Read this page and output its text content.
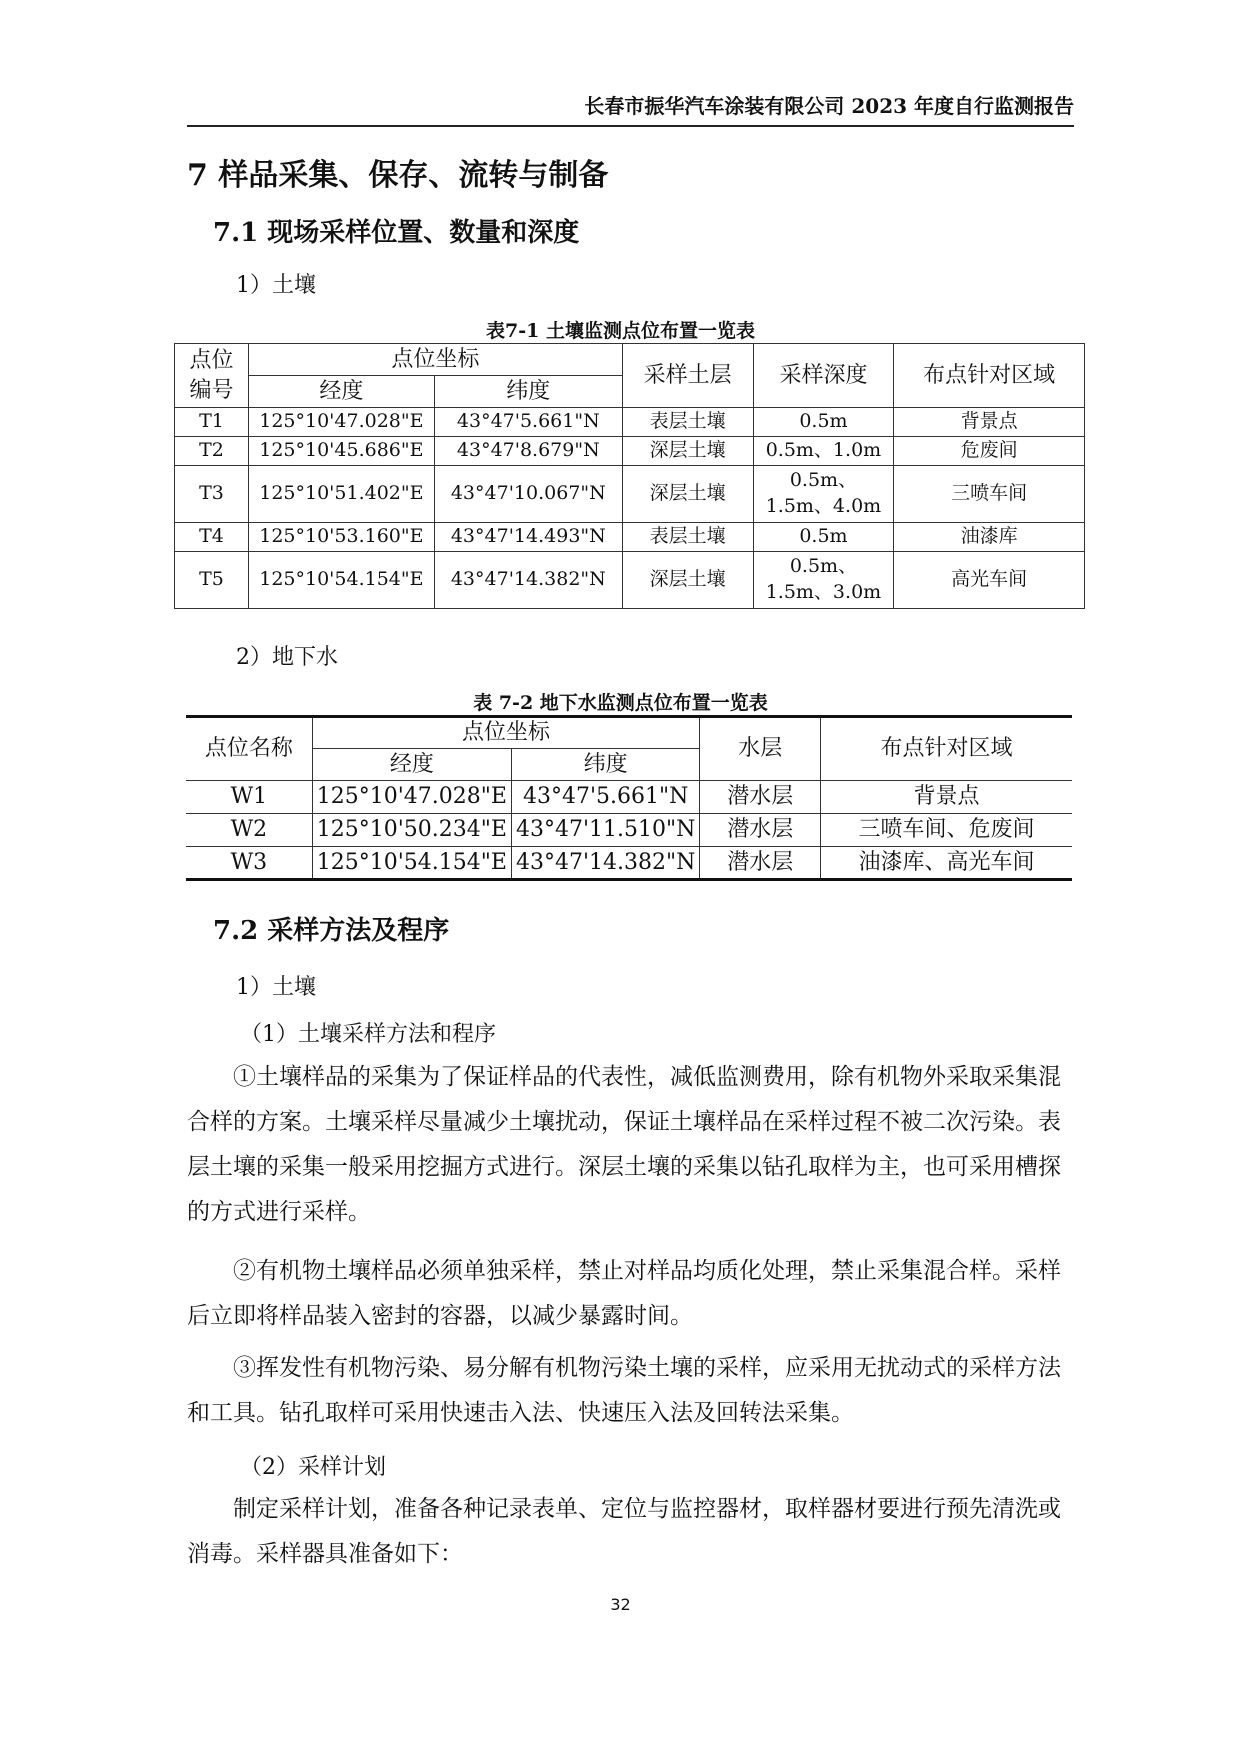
长春市振华汽车涂装有限公司 2023 年度自行监测报告
7 样品采集、保存、流转与制备
7.1 现场采样位置、数量和深度
1）土壤
表7-1 土壤监测点位布置一览表
点位
编号	点位坐标		采样土层	采样深度	布点针对区域
	经度	纬度			
T1	125°10'47.028"E	43°47'5.661"N	表层土壤	0.5m	背景点
T2	125°10'45.686"E	43°47'8.679"N	深层土壤	0.5m、1.0m	危废间
T3	125°10'51.402"E	43°47'10.067"N	深层土壤	0.5m、
1.5m、4.0m	三喷车间
T4	125°10'53.160"E	43°47'14.493"N	表层土壤	0.5m	油漆库
T5	125°10'54.154"E	43°47'14.382"N	深层土壤	0.5m、
1.5m、3.0m	高光车间
2）地下水
表 7-2 地下水监测点位布置一览表
点位名称	点位坐标		水层	布点针对区域
	经度	纬度		
W1	125°10'47.028"E	43°47'5.661"N	潜水层	背景点
W2	125°10'50.234"E	43°47'11.510"N	潜水层	三喷车间、危废间
W3	125°10'54.154"E	43°47'14.382"N	潜水层	油漆库、高光车间
7.2 采样方法及程序
1）土壤
（1）土壤采样方法和程序

①土壤样品的采集为了保证样品的代表性，减低监测费用，除有机物外采取采集混合样的方案。土壤采样尽量减少土壤扰动，保证土壤样品在采样过程不被二次污染。表层土壤的采集一般采用挖掘方式进行。深层土壤的采集以钻孔取样为主，也可采用槽探的方式进行采样。

②有机物土壤样品必须单独采样，禁止对样品均质化处理，禁止采集混合样。采样后立即将样品装入密封的容器，以减少暴露时间。

③挥发性有机物污染、易分解有机物污染土壤的采样，应采用无扰动式的采样方法和工具。钻孔取样可采用快速击入法、快速压入法及回转法采集。

（2）采样计划

制定采样计划，准备各种记录表单、定位与监控器材，取样器材要进行预先清洗或消毒。采样器具准备如下：

32
